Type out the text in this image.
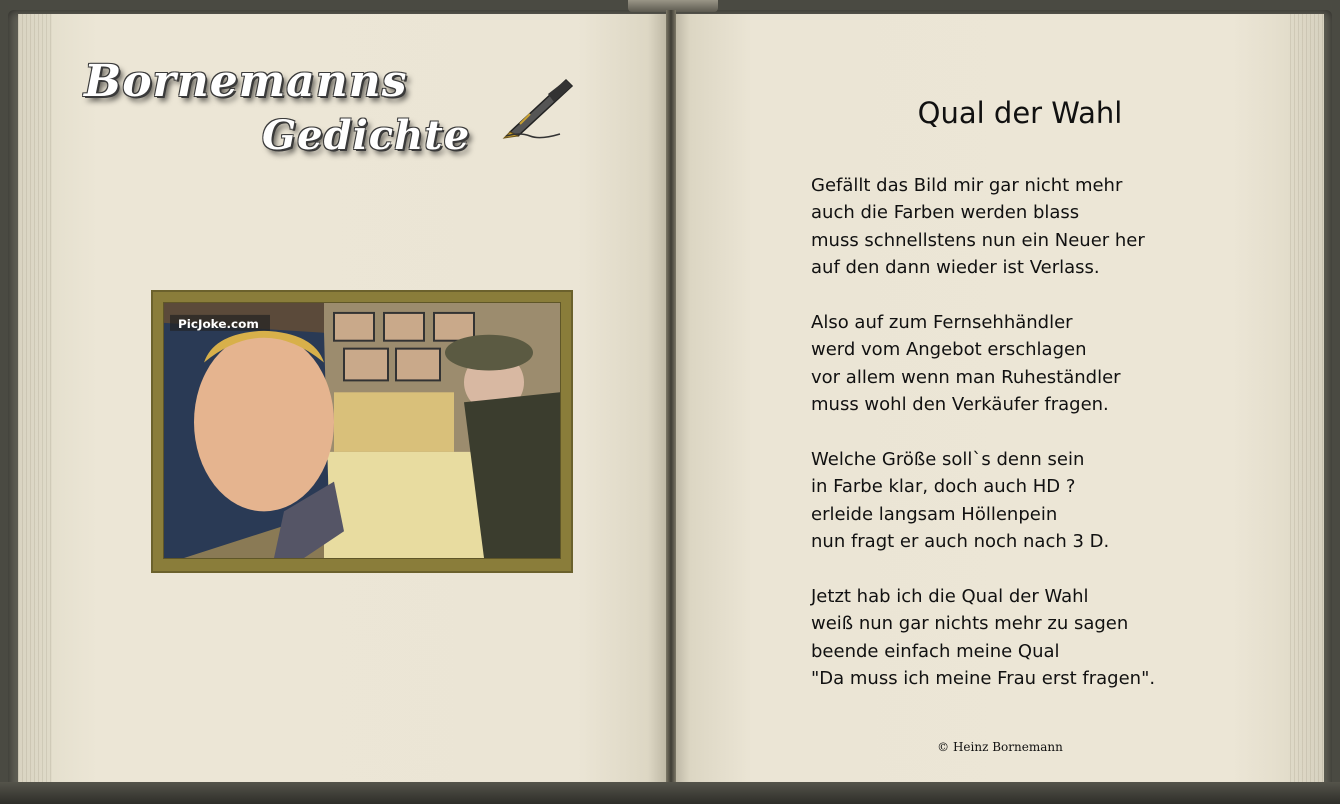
Bornemanns
Gedichte
PicJoke.com
Qual der Wahl
Gefällt das Bild mir gar nicht mehr
auch die Farben werden blass
muss schnellstens nun ein Neuer her
auf den dann wieder ist Verlass.
Also auf zum Fernsehhändler
werd vom Angebot erschlagen
vor allem wenn man Ruheständler
muss wohl den Verkäufer fragen.
Welche Größe soll`s denn sein
in Farbe klar, doch auch HD ?
erleide langsam Höllenpein
nun fragt er auch noch nach 3 D.
Jetzt hab ich die Qual der Wahl
weiß nun gar nichts mehr zu sagen
beende einfach meine Qual
"Da muss ich meine Frau erst fragen".
© Heinz Bornemann
